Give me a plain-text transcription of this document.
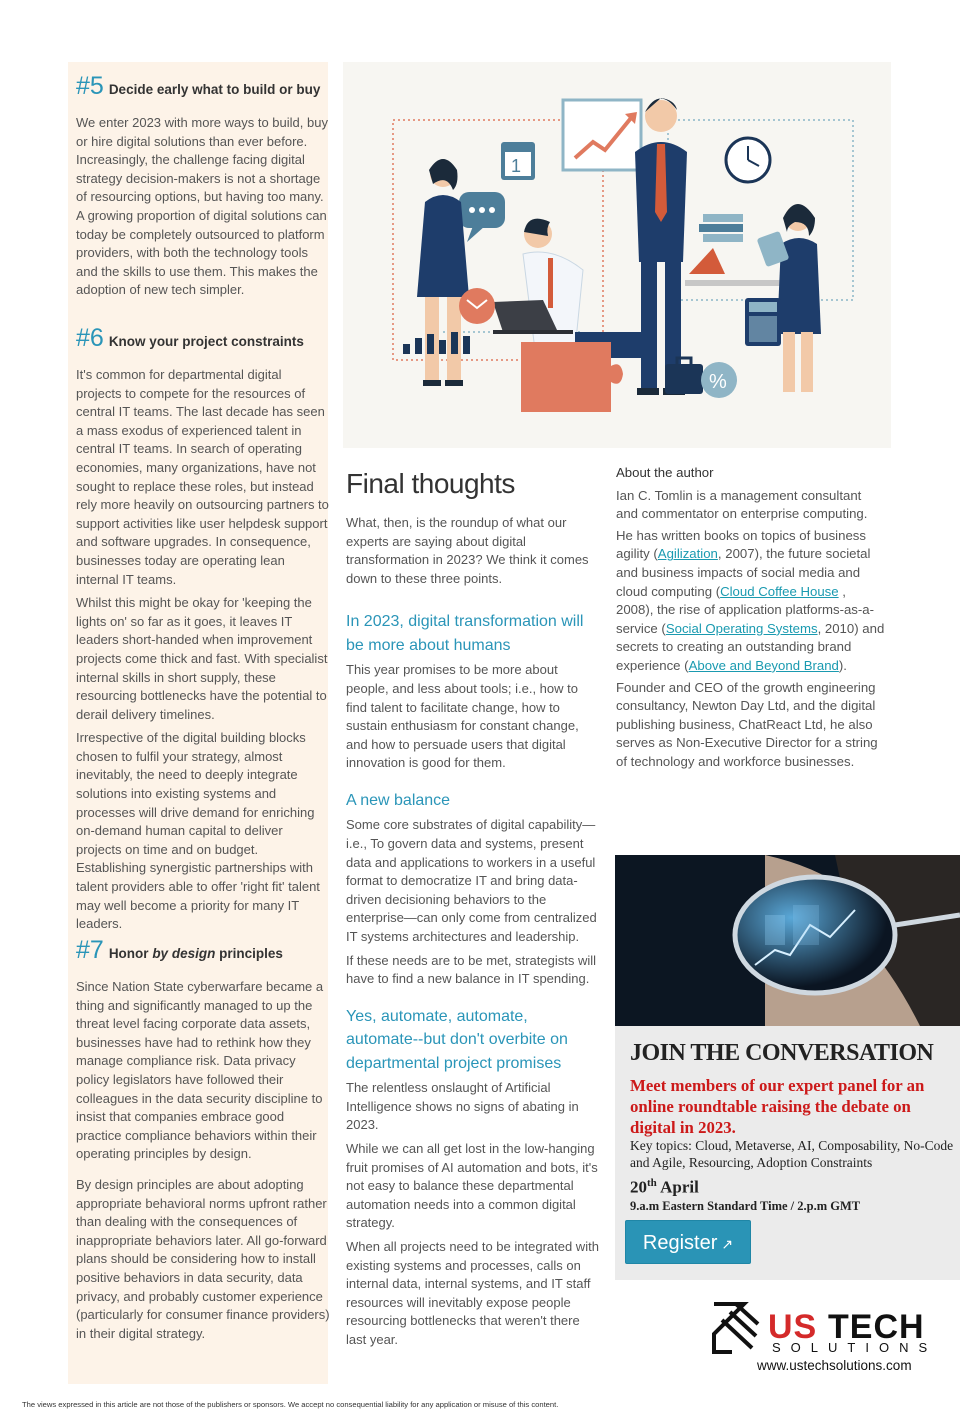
#5 Decide early what to build or buy

We enter 2023 with more ways to build, buy or hire digital solutions than ever before. Increasingly, the challenge facing digital strategy decision-makers is not a shortage of resourcing options, but having too many. A growing proportion of digital solutions can today be completely outsourced to platform providers, with both the technology tools and the skills to use them. This makes the adoption of new tech simpler.

#6 Know your project constraints

It's common for departmental digital projects to compete for the resources of central IT teams. The last decade has seen a mass exodus of experienced talent in central IT teams. In search of operating economies, many organizations, have not sought to replace these roles, but instead rely more heavily on outsourcing partners to support activities like user helpdesk support and software upgrades. In consequence, businesses today are operating lean internal IT teams.

Whilst this might be okay for 'keeping the lights on' so far as it goes, it leaves IT leaders short-handed when improvement projects come thick and fast. With specialist internal skills in short supply, these resourcing bottlenecks have the potential to derail delivery timelines.

Irrespective of the digital building blocks chosen to fulfil your strategy, almost inevitably, the need to deeply integrate solutions into existing systems and processes will drive demand for enriching on-demand human capital to deliver projects on time and on budget. Establishing synergistic partnerships with talent providers able to offer 'right fit' talent may well become a priority for many IT leaders.

#7 Honor by design principles

Since Nation State cyberwarfare became a thing and significantly managed to up the threat level facing corporate data assets, businesses have had to rethink how they manage compliance risk. Data privacy policy legislators have followed their colleagues in the data security discipline to insist that companies embrace good practice compliance behaviors within their operating principles by design.

By design principles are about adopting appropriate behavioral norms upfront rather than dealing with the consequences of inappropriate behaviors later. All go-forward plans should be considering how to install positive behaviors in data security, data privacy, and probably customer experience (particularly for consumer finance providers) in their digital strategy.

1
%
Final thoughts

What, then, is the roundup of what our experts are saying about digital transformation in 2023? We think it comes down to these three points.

In 2023, digital transformation will be more about humans

This year promises to be more about people, and less about tools; i.e., how to find talent to facilitate change, how to sustain enthusiasm for constant change, and how to persuade users that digital innovation is good for them.

A new balance

Some core substrates of digital capability—i.e., To govern data and systems, present data and applications to workers in a useful format to democratize IT and bring data-driven decisioning behaviors to the enterprise—can only come from centralized IT systems architectures and leadership.

If these needs are to be met, strategists will have to find a new balance in IT spending.

Yes, automate, automate, automate--but don't overbite on departmental project promises

The relentless onslaught of Artificial Intelligence shows no signs of abating in 2023.

While we can all get lost in the low-hanging fruit promises of AI automation and bots, it's not easy to balance these departmental automation needs into a common digital strategy.

When all projects need to be integrated with existing systems and processes, calls on internal data, internal systems, and IT staff resources will inevitably expose people resourcing bottlenecks that weren't there last year.

About the author

Ian C. Tomlin is a management consultant and commentator on enterprise computing.

He has written books on topics of business agility (Agilization, 2007), the future societal and business impacts of social media and cloud computing (Cloud Coffee House , 2008), the rise of application platforms-as-a-service (Social Operating Systems, 2010) and secrets to creating an outstanding brand experience (Above and Beyond Brand).

Founder and CEO of the growth engineering consultancy, Newton Day Ltd, and the digital publishing business, ChatReact Ltd, he also serves as Non-Executive Director for a string of technology and workforce businesses.

JOIN THE CONVERSATION

Meet members of our expert panel for an online roundtable raising the debate on digital in 2023.

Key topics: Cloud, Metaverse, AI, Composability, No-Code and Agile, Resourcing, Adoption Constraints

20th April

9.a.m Eastern Standard Time / 2.p.m GMT

Register ↗
US TECH
SOLUTIONS

www.ustechsolutions.com

The views expressed in this article are not those of the publishers or sponsors. We accept no consequential liability for any application or misuse of this content.
